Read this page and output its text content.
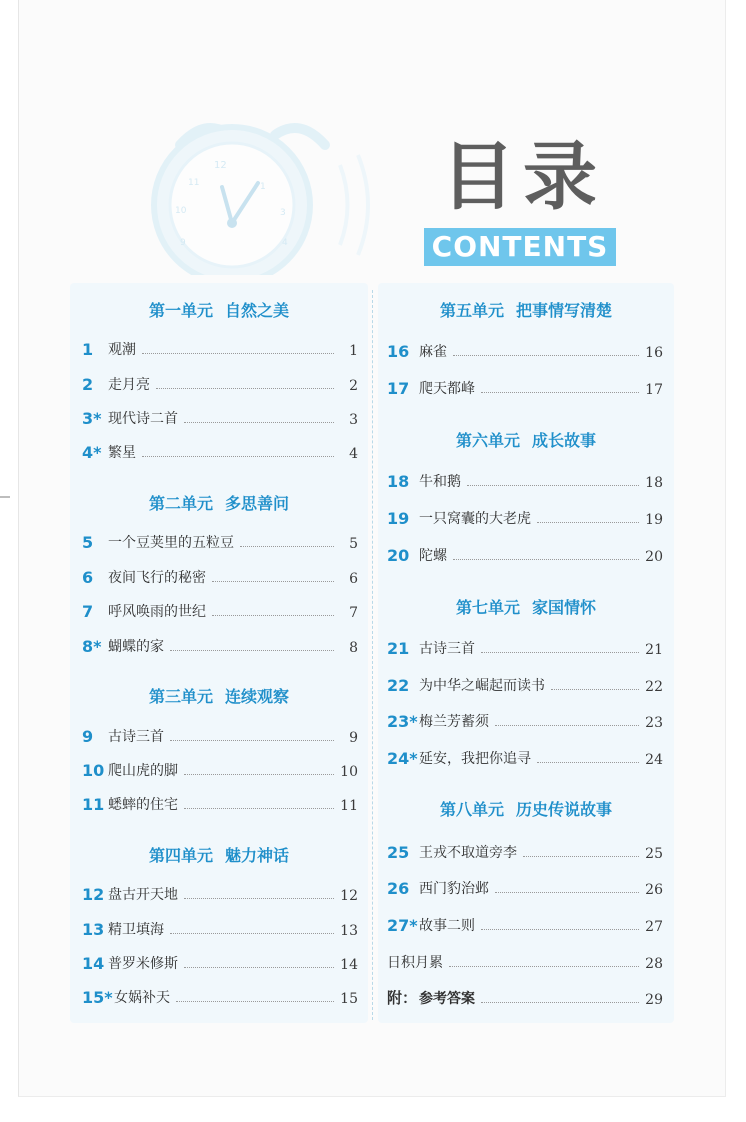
12
11
10
9
1
3
4
目录
CONTENTS
第一单元 自然之美
1	观潮	1
2	走月亮	2
3* 现代诗二首	3
4* 繁星	4
第二单元 多思善问
5	一个豆荚里的五粒豆	5
6	夜间飞行的秘密	6
7	呼风唤雨的世纪	7
8* 蝴蝶的家	8
第三单元 连续观察
9	古诗三首	9
10 爬山虎的脚	10
11 蟋蟀的住宅	11
第四单元 魅力神话
12 盘古开天地	12
13 精卫填海	13
14 普罗米修斯	14
15* 女娲补天	15
第五单元 把事情写清楚
16 麻雀	16
17 爬天都峰	17
第六单元 成长故事
18 牛和鹅	18
19 一只窝囊的大老虎	19
20 陀螺	20
第七单元 家国情怀
21 古诗三首	21
22 为中华之崛起而读书	22
23* 梅兰芳蓄须	23
24* 延安，我把你追寻	24
第八单元 历史传说故事
25 王戎不取道旁李	25
26 西门豹治邺	26
27* 故事二则	27
日积月累	28
附： 参考答案	29
